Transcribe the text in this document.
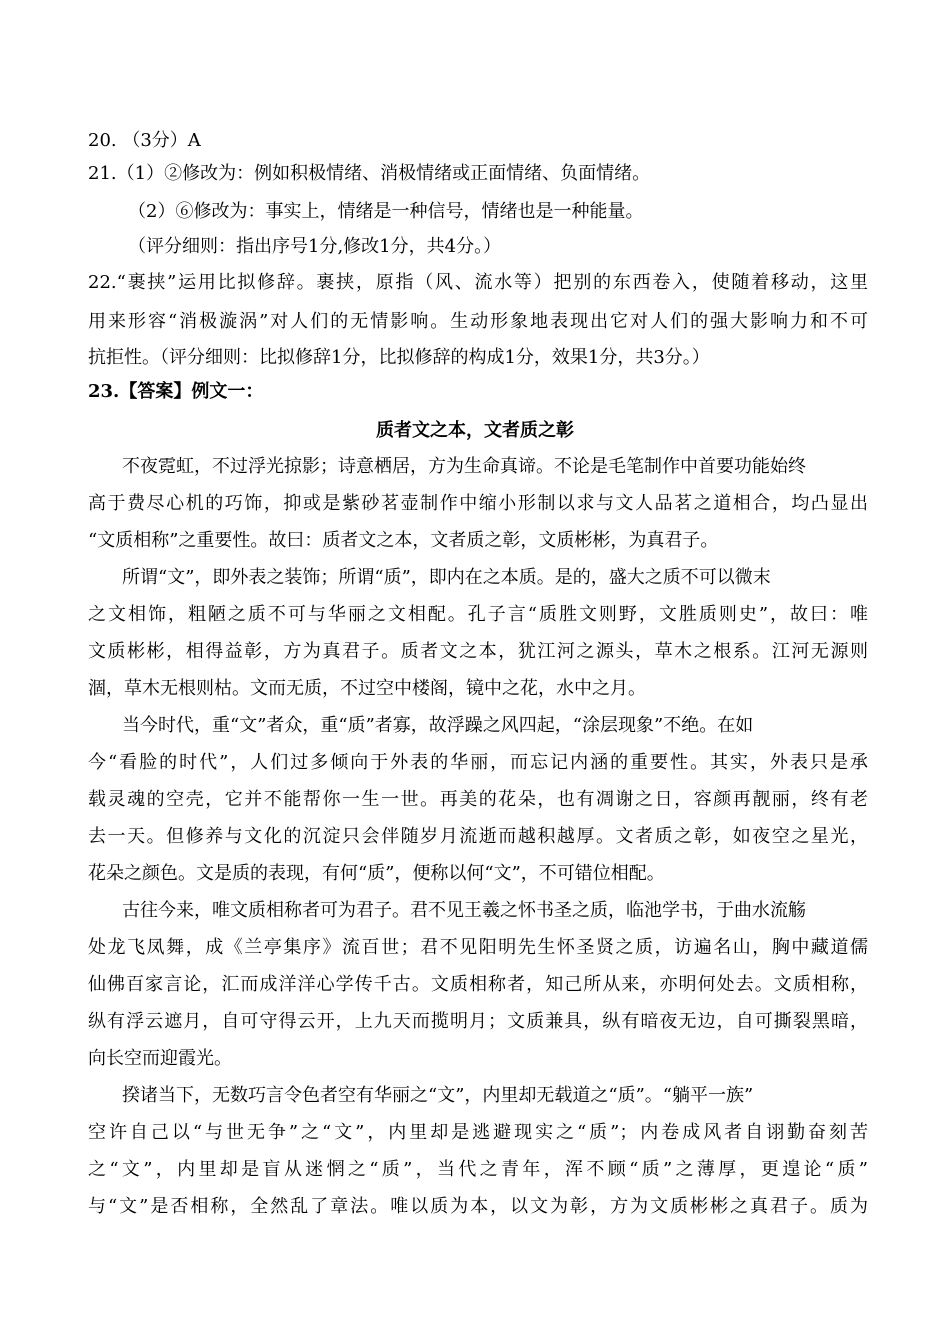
20. （3分）A
21.（1）②修改为：例如积极情绪、消极情绪或正面情绪、负面情绪。
（2）⑥修改为：事实上，情绪是一种信号，情绪也是一种能量。
（评分细则：指出序号1分,修改1分，共4分。）
22.“裹挟”运用比拟修辞。裹挟，原指（风、流水等）把别的东西卷入，使随着移动，这里
用来形容“消极漩涡”对人们的无情影响。生动形象地表现出它对人们的强大影响力和不可
抗拒性。（评分细则：比拟修辞1分，比拟修辞的构成1分，效果1分，共3分。）
23.【答案】例文一：
质者文之本，文者质之彰
不夜霓虹，不过浮光掠影；诗意栖居，方为生命真谛。不论是毛笔制作中首要功能始终
高于费尽心机的巧饰，抑或是紫砂茗壶制作中缩小形制以求与文人品茗之道相合，均凸显出
“文质相称”之重要性。故曰：质者文之本，文者质之彰，文质彬彬，为真君子。
所谓“文”，即外表之装饰；所谓“质”，即内在之本质。是的，盛大之质不可以微末
之文相饰，粗陋之质不可与华丽之文相配。孔子言“质胜文则野，文胜质则史”，故曰：唯
文质彬彬，相得益彰，方为真君子。质者文之本，犹江河之源头，草木之根系。江河无源则
涸，草木无根则枯。文而无质，不过空中楼阁，镜中之花，水中之月。
当今时代，重“文”者众，重“质”者寡，故浮躁之风四起，“涂层现象”不绝。在如
今“看脸的时代”，人们过多倾向于外表的华丽，而忘记内涵的重要性。其实，外表只是承
载灵魂的空壳，它并不能帮你一生一世。再美的花朵，也有凋谢之日，容颜再靓丽，终有老
去一天。但修养与文化的沉淀只会伴随岁月流逝而越积越厚。文者质之彰，如夜空之星光，
花朵之颜色。文是质的表现，有何“质”，便称以何“文”，不可错位相配。
古往今来，唯文质相称者可为君子。君不见王羲之怀书圣之质，临池学书，于曲水流觞
处龙飞凤舞，成《兰亭集序》流百世；君不见阳明先生怀圣贤之质，访遍名山，胸中藏道儒
仙佛百家言论，汇而成洋洋心学传千古。文质相称者，知己所从来，亦明何处去。文质相称，
纵有浮云遮月，自可守得云开，上九天而揽明月；文质兼具，纵有暗夜无边，自可撕裂黑暗，
向长空而迎霞光。
揆诸当下，无数巧言令色者空有华丽之“文”，内里却无载道之“质”。“躺平一族”
空许自己以“与世无争”之“文”，内里却是逃避现实之“质”；内卷成风者自诩勤奋刻苦
之“文”，内里却是盲从迷惘之“质”，当代之青年，浑不顾“质”之薄厚，更遑论“质”
与“文”是否相称，全然乱了章法。唯以质为本，以文为彰，方为文质彬彬之真君子。质为
